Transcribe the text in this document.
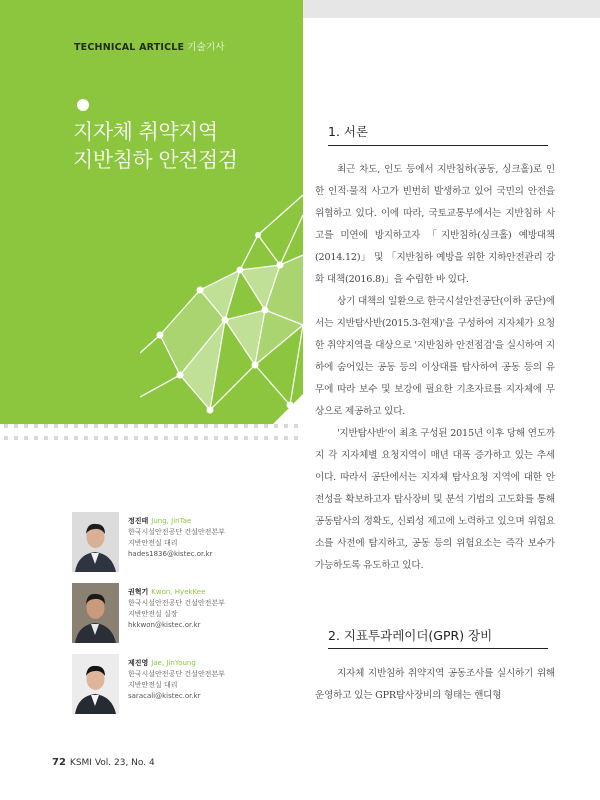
TECHNICAL ARTICLE 기술기사
지자체 취약지역
지반침하 안전점검
정진태 Jung, JinTae
한국시설안전공단 건설안전본부
지반안전실 대리
hades1836@kistec.or.kr
권혁기 Kwon, HyekKee
한국시설안전공단 건설안전본부
지반안전실 실장
hkkwon@kistec.or.kr
제진영 Jae, JinYoung
한국시설안전공단 건설안전본부
지반안전실 대리
saracali@kistec.or.kr
72 KSMI Vol. 23, No. 4
1. 서론
최근 차도, 인도 등에서 지반침하(공동, 싱크홀)로 인한 인적·물적 사고가 빈번히 발생하고 있어 국민의 안전을 위협하고 있다. 이에 따라, 국토교통부에서는 지반침하 사고를 미연에 방지하고자 「지반침하(싱크홀) 예방대책(2014.12)」 및 「지반침하 예방을 위한 지하안전관리 강화 대책(2016.8)」을 수립한 바 있다.
상기 대책의 일환으로 한국시설안전공단(이하 공단)에서는 지반탐사반(2015.3-현재)'을 구성하여 지자체가 요청한 취약지역을 대상으로 '지반침하 안전점검'을 실시하여 지하에 숨어있는 공동 등의 이상대를 탐사하여 공동 등의 유무에 따라 보수 및 보강에 필요한 기초자료를 지자체에 무상으로 제공하고 있다.
'지반탐사반'이 최초 구성된 2015년 이후 당해 연도까지 각 지자체별 요청지역이 매년 대폭 증가하고 있는 추세이다. 따라서 공단에서는 지자체 탐사요청 지역에 대한 안전성을 확보하고자 탐사장비 및 분석 기법의 고도화를 통해 공동탐사의 정확도, 신뢰성 제고에 노력하고 있으며 위험요소를 사전에 탐지하고, 공동 등의 위험요소는 즉각 보수가 가능하도록 유도하고 있다.
2. 지표투과레이더(GPR) 장비
지자체 지반침하 취약지역 공동조사를 실시하기 위해 운영하고 있는 GPR탐사장비의 형태는 핸디형
